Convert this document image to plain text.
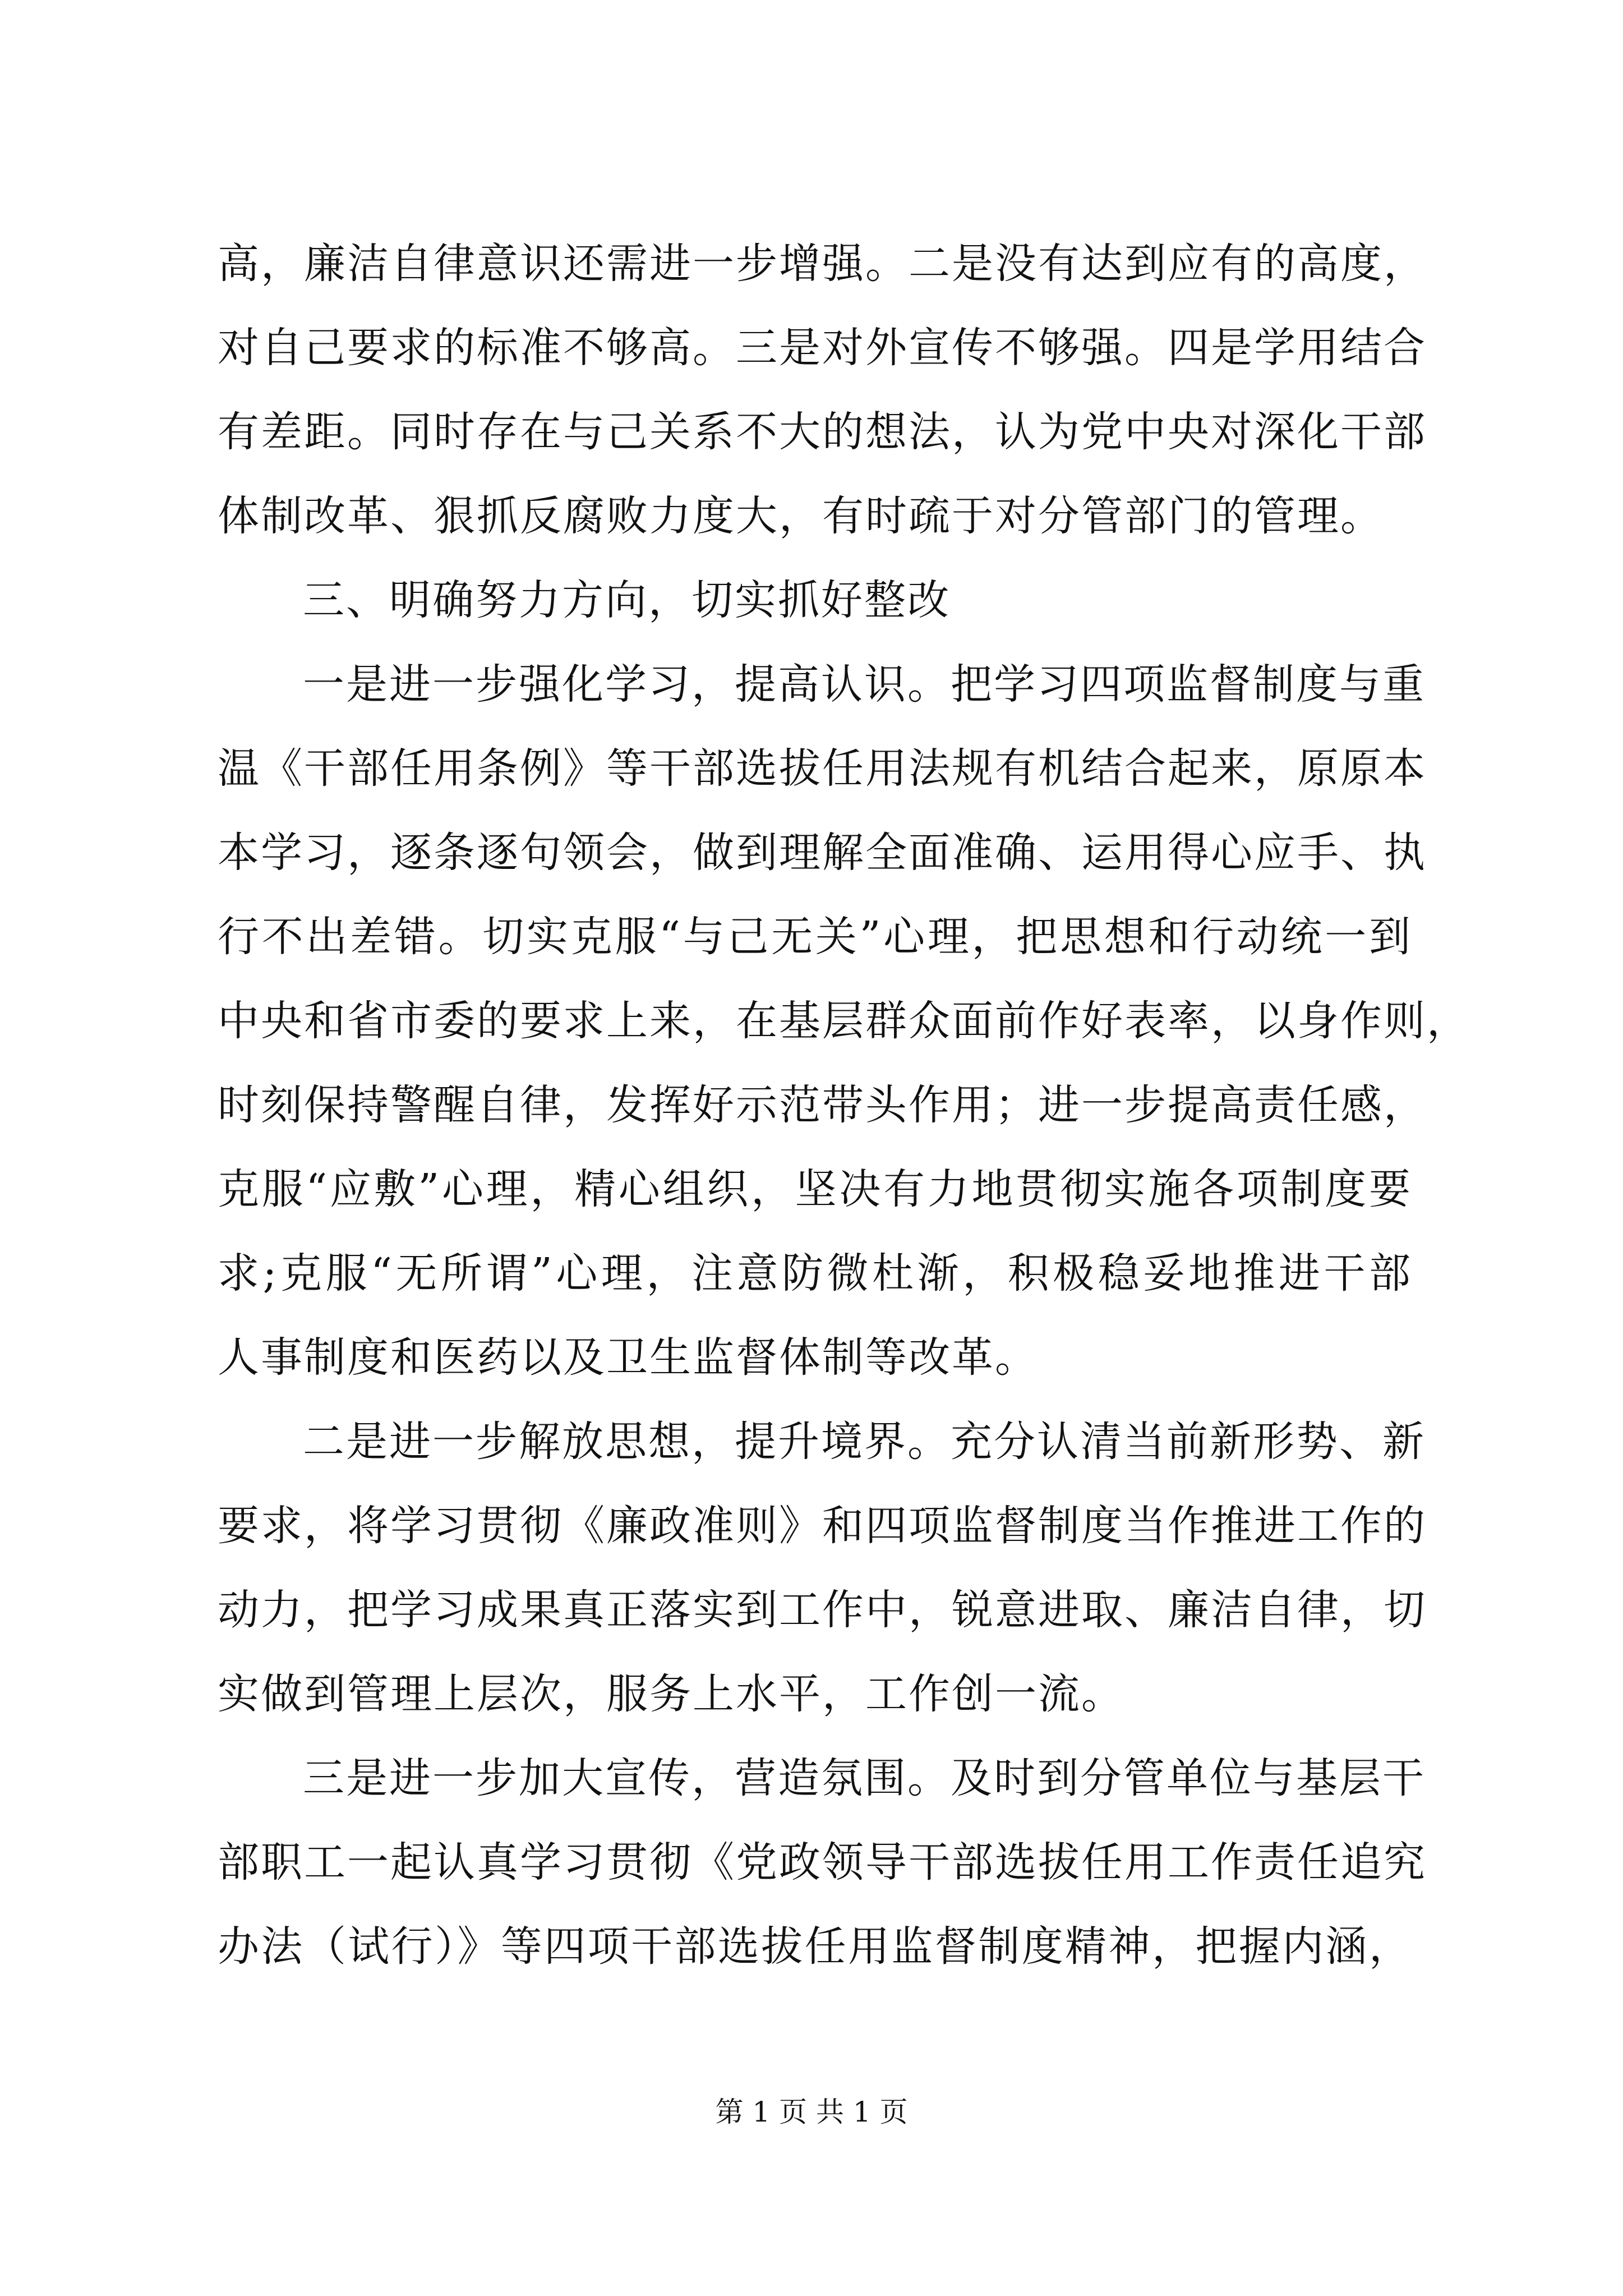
高，廉洁自律意识还需进一步增强。二是没有达到应有的高度，
对自己要求的标准不够高。三是对外宣传不够强。四是学用结合
有差距。同时存在与己关系不大的想法，认为党中央对深化干部
体制改革、狠抓反腐败力度大，有时疏于对分管部门的管理。
三、明确努力方向，切实抓好整改
一是进一步强化学习，提高认识。把学习四项监督制度与重
温《干部任用条例》等干部选拔任用法规有机结合起来，原原本
本学习，逐条逐句领会，做到理解全面准确、运用得心应手、执
行不出差错。切实克服“与己无关”心理，把思想和行动统一到
中央和省市委的要求上来，在基层群众面前作好表率，以身作则，
时刻保持警醒自律，发挥好示范带头作用；进一步提高责任感，
克服“应敷”心理，精心组织，坚决有力地贯彻实施各项制度要
求;克服“无所谓”心理，注意防微杜渐，积极稳妥地推进干部
人事制度和医药以及卫生监督体制等改革。
二是进一步解放思想，提升境界。充分认清当前新形势、新
要求，将学习贯彻《廉政准则》和四项监督制度当作推进工作的
动力，把学习成果真正落实到工作中，锐意进取、廉洁自律，切
实做到管理上层次，服务上水平，工作创一流。
三是进一步加大宣传，营造氛围。及时到分管单位与基层干
部职工一起认真学习贯彻《党政领导干部选拔任用工作责任追究
办法（试行）》等四项干部选拔任用监督制度精神，把握内涵，
第 1 页 共 1 页
